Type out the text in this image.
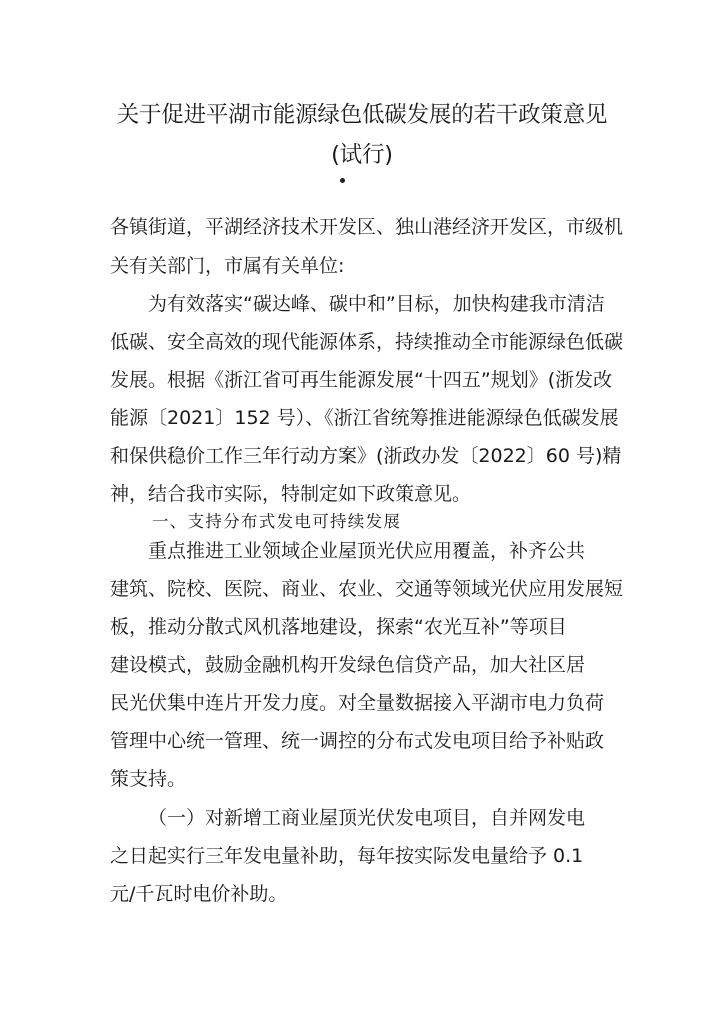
关于促进平湖市能源绿色低碳发展的若干政策意见
(试行)
各镇街道，平湖经济技术开发区、独山港经济开发区，市级机
关有关部门，市属有关单位:
为有效落实“碳达峰、碳中和”目标，加快构建我市清洁
低碳、安全高效的现代能源体系，持续推动全市能源绿色低碳
发展。根据《浙江省可再生能源发展“十四五”规划》(浙发改
能源〔2021〕152 号）、《浙江省统筹推进能源绿色低碳发展
和保供稳价工作三年行动方案》(浙政办发〔2022〕60 号)精
神，结合我市实际，特制定如下政策意见。
一、支持分布式发电可持续发展
重点推进工业领域企业屋顶光伏应用覆盖，补齐公共
建筑、院校、医院、商业、农业、交通等领域光伏应用发展短
板，推动分散式风机落地建设，探索“农光互补”等项目
建设模式，鼓励金融机构开发绿色信贷产品，加大社区居
民光伏集中连片开发力度。对全量数据接入平湖市电力负荷
管理中心统一管理、统一调控的分布式发电项目给予补贴政
策支持。
（一）对新增工商业屋顶光伏发电项目，自并网发电
之日起实行三年发电量补助，每年按实际发电量给予 0.1
元/千瓦时电价补助。
